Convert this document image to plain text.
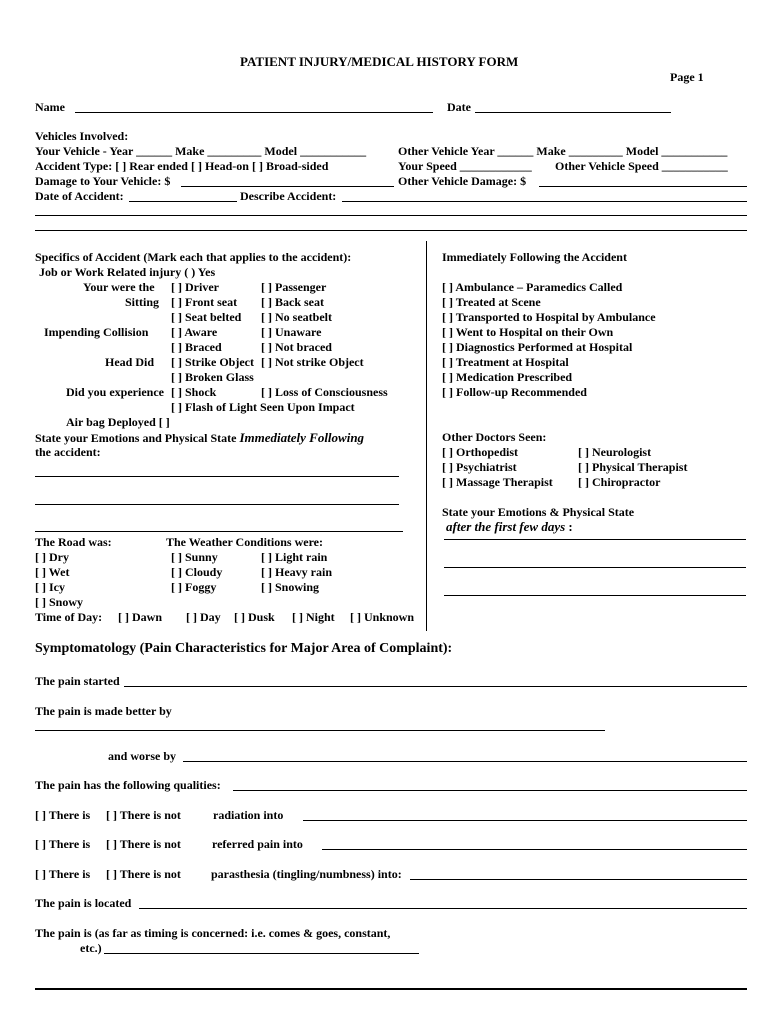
PATIENT INJURY/MEDICAL HISTORY FORM
Page 1
Name	Date
Vehicles Involved:
Your Vehicle - Year ______ Make _________ Model ___________	Other Vehicle Year ______ Make _________ Model ___________
Accident Type: [ ] Rear ended [ ] Head-on [ ] Broad-sided	Your Speed ____________ Other Vehicle Speed ___________
Damage to Your Vehicle: $	Other Vehicle Damage: $
Date of Accident:	Describe Accident:
Specifics of Accident (Mark each that applies to the accident):
Job or Work Related injury ( ) Yes
Your were the [ ] Driver	[ ] Passenger
Sitting [ ] Front seat [ ] Back seat
[ ] Seat belted [ ] No seatbelt
Impending Collision [ ] Aware	[ ] Unaware
[ ] Braced	[ ] Not braced
Head Did [ ] Strike Object [ ] Not strike Object
[ ] Broken Glass
Did you experience [ ] Shock	[ ] Loss of Consciousness
[ ] Flash of Light Seen Upon Impact
Air bag Deployed [ ]
State your Emotions and Physical State Immediately Following
the accident:
Immediately Following the Accident
[ ] Ambulance – Paramedics Called
[ ] Treated at Scene
[ ] Transported to Hospital by Ambulance
[ ] Went to Hospital on their Own
[ ] Diagnostics Performed at Hospital
[ ] Treatment at Hospital
[ ] Medication Prescribed
[ ] Follow-up Recommended
Other Doctors Seen:
[ ] Orthopedist	[ ] Neurologist
[ ] Psychiatrist	[ ] Physical Therapist
[ ] Massage Therapist [ ] Chiropractor
State your Emotions & Physical State
after the first few days :
The Road was:	The Weather Conditions were:
[ ] Dry	[ ] Sunny	[ ] Light rain
[ ] Wet	[ ] Cloudy	[ ] Heavy rain
[ ] Icy	[ ] Foggy	[ ] Snowing
[ ] Snowy
Time of Day: [ ] Dawn [ ] Day [ ] Dusk [ ] Night [ ] Unknown
Symptomatology (Pain Characteristics for Major Area of Complaint):
The pain started
The pain is made better by
and worse by
The pain has the following qualities:
[ ] There is [ ] There is not	radiation into
[ ] There is [ ] There is not	referred pain into
[ ] There is [ ] There is not	parasthesia (tingling/numbness) into:
The pain is located
The pain is (as far as timing is concerned: i.e. comes & goes, constant,
etc.)
